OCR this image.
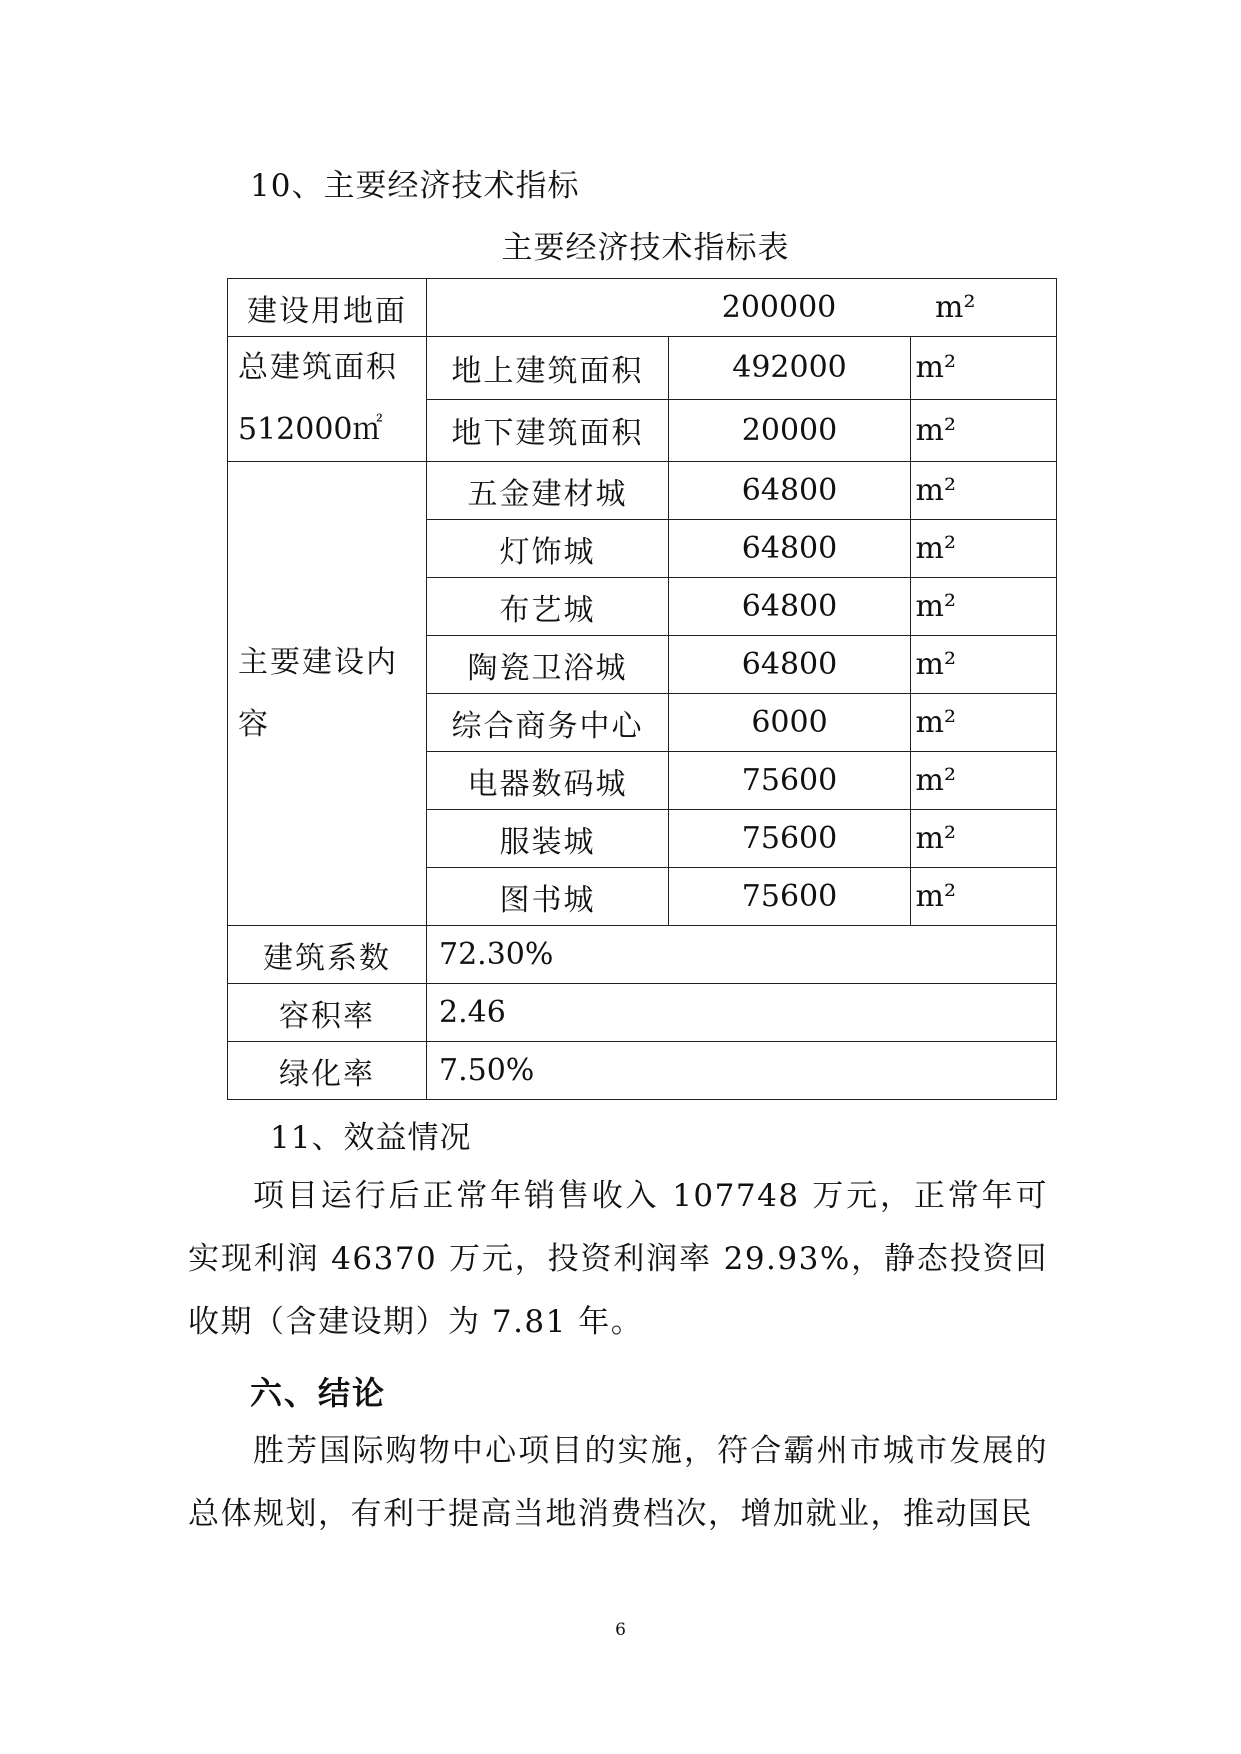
10、主要经济技术指标
主要经济技术指标表
建设用地面	200000 m²		
总建筑面积
512000㎡	地上建筑面积	492000	m²
	地下建筑面积	20000	m²
主要建设内
容	五金建材城	64800	m²
	灯饰城	64800	m²
	布艺城	64800	m²
	陶瓷卫浴城	64800	m²
	综合商务中心	6000	m²
	电器数码城	75600	m²
	服装城	75600	m²
	图书城	75600	m²
建筑系数	72.30%		
容积率	2.46		
绿化率	7.50%		
11、效益情况
项目运行后正常年销售收入 107748 万元，正常年可实现利润 46370 万元，投资利润率 29.93%，静态投资回收期（含建设期）为 7.81 年。
六、结论
胜芳国际购物中心项目的实施，符合霸州市城市发展的总体规划，有利于提高当地消费档次，增加就业，推动国民
6
